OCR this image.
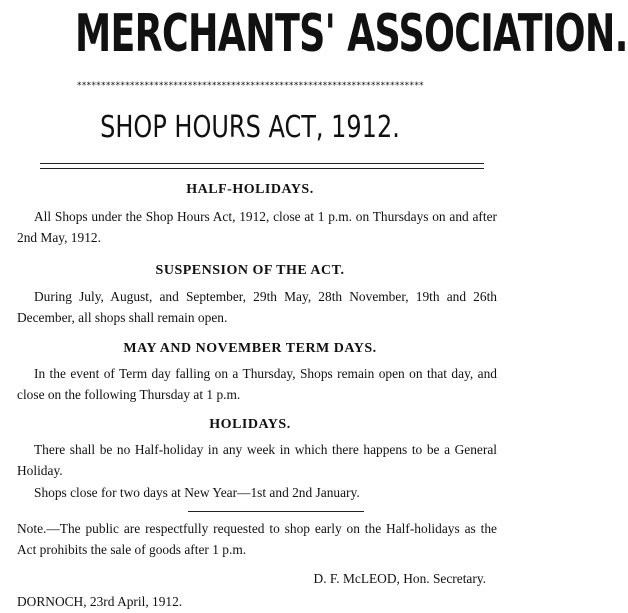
MERCHANTS' ASSOCIATION.
************************************************************************
SHOP HOURS ACT, 1912.
HALF-HOLIDAYS.
All Shops under the Shop Hours Act, 1912, close at 1 p.m. on Thursdays on and after 2nd May, 1912.
SUSPENSION OF THE ACT.
During July, August, and September, 29th May, 28th November, 19th and 26th December, all shops shall remain open.
MAY AND NOVEMBER TERM DAYS.
In the event of Term day falling on a Thursday, Shops remain open on that day, and close on the following Thursday at 1 p.m.
HOLIDAYS.
There shall be no Half-holiday in any week in which there happens to be a General Holiday.
Shops close for two days at New Year—1st and 2nd January.
Note.—The public are respectfully requested to shop early on the Half-holidays as the Act prohibits the sale of goods after 1 p.m.
D. F. McLEOD, Hon. Secretary.
DORNOCH, 23rd April, 1912.
